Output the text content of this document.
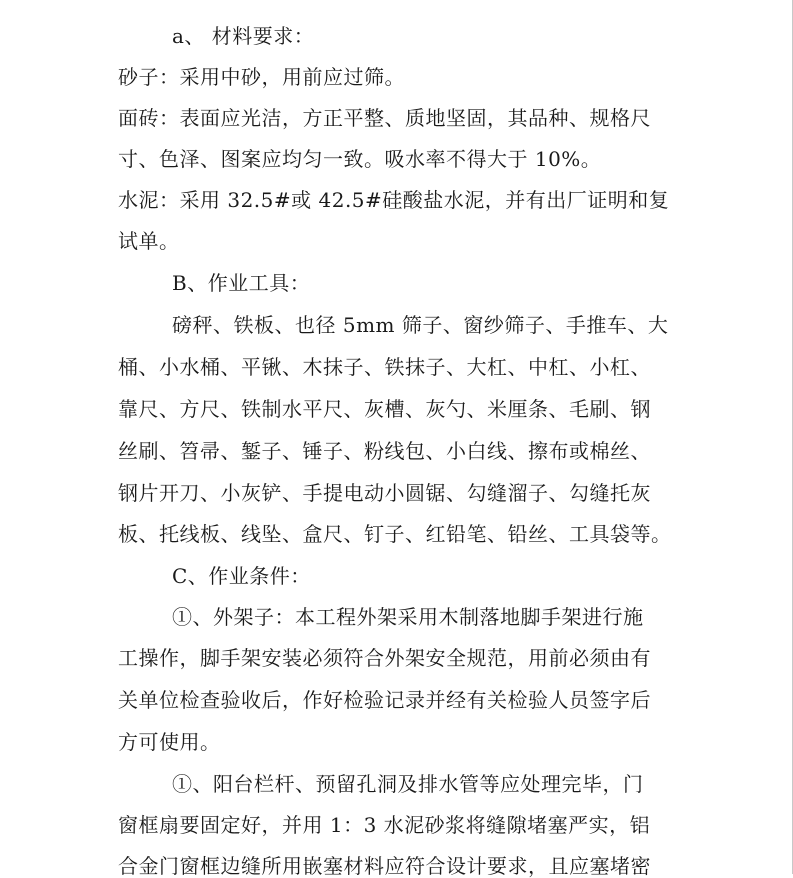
a、 材料要求：
砂子：采用中砂，用前应过筛。
面砖：表面应光洁，方正平整、质地坚固，其品种、规格尺
寸、色泽、图案应均匀一致。吸水率不得大于 10%。
水泥：采用 32.5#或 42.5#硅酸盐水泥，并有出厂证明和复
试单。
B、作业工具：
磅秤、铁板、也径 5mm 筛子、窗纱筛子、手推车、大
桶、小水桶、平锹、木抹子、铁抹子、大杠、中杠、小杠、
靠尺、方尺、铁制水平尺、灰槽、灰勺、米厘条、毛刷、钢
丝刷、笤帚、錾子、锤子、粉线包、小白线、擦布或棉丝、
钢片开刀、小灰铲、手提电动小圆锯、勾缝溜子、勾缝托灰
板、托线板、线坠、盒尺、钉子、红铅笔、铅丝、工具袋等。
C、作业条件：
①、外架子：本工程外架采用木制落地脚手架进行施
工操作，脚手架安装必须符合外架安全规范，用前必须由有
关单位检查验收后，作好检验记录并经有关检验人员签字后
方可使用。
①、阳台栏杆、预留孔洞及排水管等应处理完毕，门
窗框扇要固定好，并用 1：3 水泥砂浆将缝隙堵塞严实，铝
合金门窗框边缝所用嵌塞材料应符合设计要求，且应塞堵密
